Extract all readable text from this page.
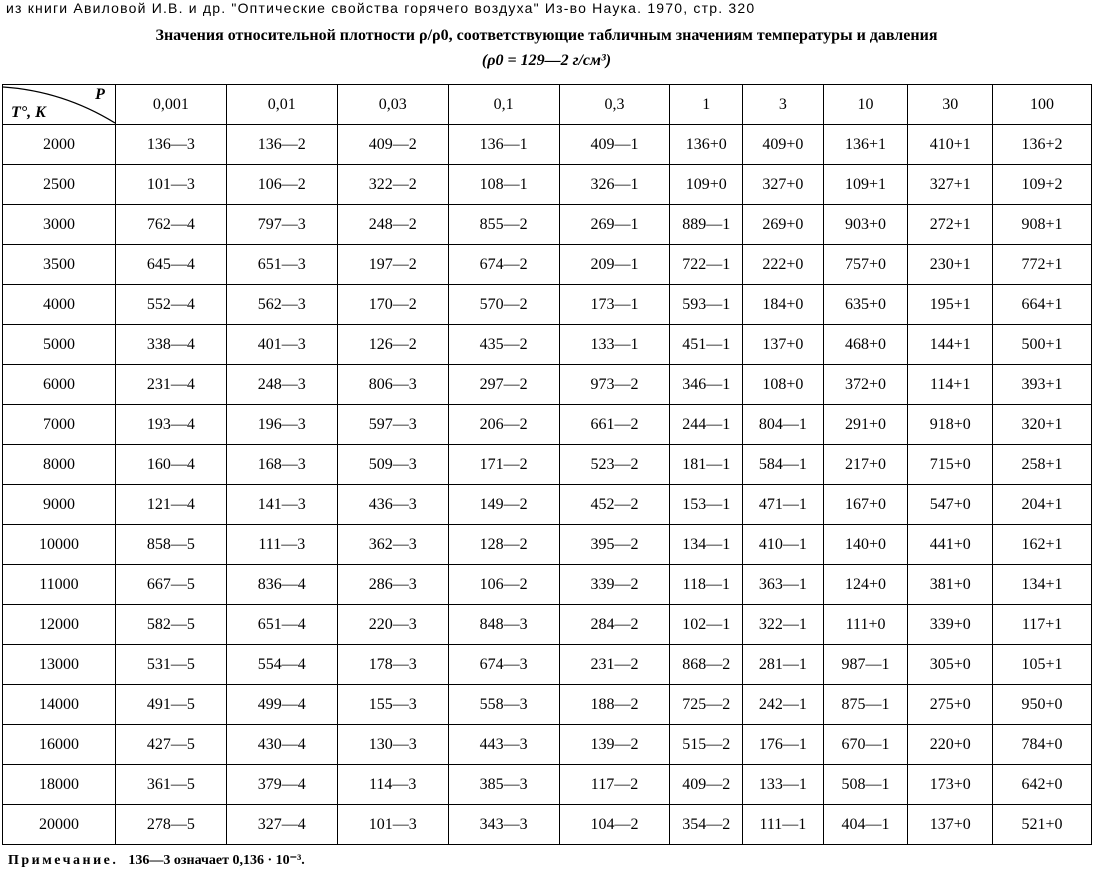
из книги Авиловой И.В. и др. "Оптические свойства горячего воздуха" Из-во Наука. 1970, стр. 320
Значения относительной плотности ρ/ρ0, соответствующие табличным значениям температуры и давления
(ρ0 = 129—2 г/см³)
P
T°, K	0,001	0,01	0,03	0,1	0,3	1	3	10	30	100
2000	136—3	136—2	409—2	136—1	409—1	136+0	409+0	136+1	410+1	136+2
2500	101—3	106—2	322—2	108—1	326—1	109+0	327+0	109+1	327+1	109+2
3000	762—4	797—3	248—2	855—2	269—1	889—1	269+0	903+0	272+1	908+1
3500	645—4	651—3	197—2	674—2	209—1	722—1	222+0	757+0	230+1	772+1
4000	552—4	562—3	170—2	570—2	173—1	593—1	184+0	635+0	195+1	664+1
5000	338—4	401—3	126—2	435—2	133—1	451—1	137+0	468+0	144+1	500+1
6000	231—4	248—3	806—3	297—2	973—2	346—1	108+0	372+0	114+1	393+1
7000	193—4	196—3	597—3	206—2	661—2	244—1	804—1	291+0	918+0	320+1
8000	160—4	168—3	509—3	171—2	523—2	181—1	584—1	217+0	715+0	258+1
9000	121—4	141—3	436—3	149—2	452—2	153—1	471—1	167+0	547+0	204+1
10000	858—5	111—3	362—3	128—2	395—2	134—1	410—1	140+0	441+0	162+1
11000	667—5	836—4	286—3	106—2	339—2	118—1	363—1	124+0	381+0	134+1
12000	582—5	651—4	220—3	848—3	284—2	102—1	322—1	111+0	339+0	117+1
13000	531—5	554—4	178—3	674—3	231—2	868—2	281—1	987—1	305+0	105+1
14000	491—5	499—4	155—3	558—3	188—2	725—2	242—1	875—1	275+0	950+0
16000	427—5	430—4	130—3	443—3	139—2	515—2	176—1	670—1	220+0	784+0
18000	361—5	379—4	114—3	385—3	117—2	409—2	133—1	508—1	173+0	642+0
20000	278—5	327—4	101—3	343—3	104—2	354—2	111—1	404—1	137+0	521+0
Примечание. 136—3 означает 0,136 · 10⁻³.
